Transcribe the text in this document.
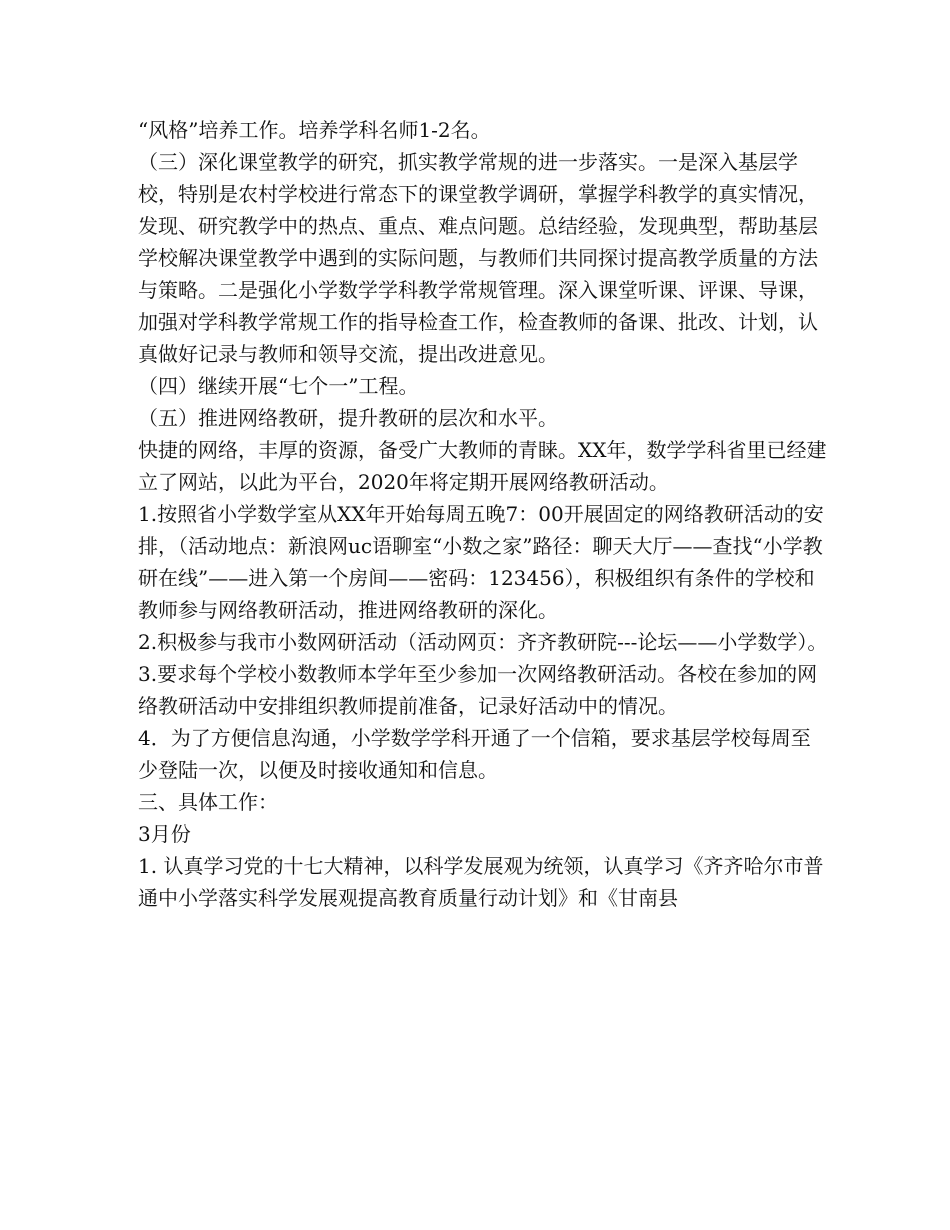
“风格”培养工作。培养学科名师1-2名。

（三）深化课堂教学的研究，抓实教学常规的进一步落实。一是深入基层学校，特别是农村学校进行常态下的课堂教学调研，掌握学科教学的真实情况，发现、研究教学中的热点、重点、难点问题。总结经验，发现典型，帮助基层学校解决课堂教学中遇到的实际问题，与教师们共同探讨提高教学质量的方法与策略。二是强化小学数学学科教学常规管理。深入课堂听课、评课、导课，加强对学科教学常规工作的指导检查工作，检查教师的备课、批改、计划，认真做好记录与教师和领导交流，提出改进意见。

（四）继续开展“七个一”工程。

（五）推进网络教研，提升教研的层次和水平。

快捷的网络，丰厚的资源，备受广大教师的青睐。XX年，数学学科省里已经建立了网站，以此为平台，2020年将定期开展网络教研活动。

1.按照省小学数学室从XX年开始每周五晚7：00开展固定的网络教研活动的安排，（活动地点：新浪网uc语聊室“小数之家”路径：聊天大厅——查找“小学教研在线”——进入第一个房间——密码：123456），积极组织有条件的学校和教师参与网络教研活动，推进网络教研的深化。

2.积极参与我市小数网研活动（活动网页：齐齐教研院---论坛——小学数学）。

3.要求每个学校小数教师本学年至少参加一次网络教研活动。各校在参加的网络教研活动中安排组织教师提前准备，记录好活动中的情况。

4．为了方便信息沟通，小学数学学科开通了一个信箱，要求基层学校每周至少登陆一次，以便及时接收通知和信息。

三、具体工作：

3月份

1. 认真学习党的十七大精神，以科学发展观为统领，认真学习《齐齐哈尔市普通中小学落实科学发展观提高教育质量行动计划》和《甘南县
